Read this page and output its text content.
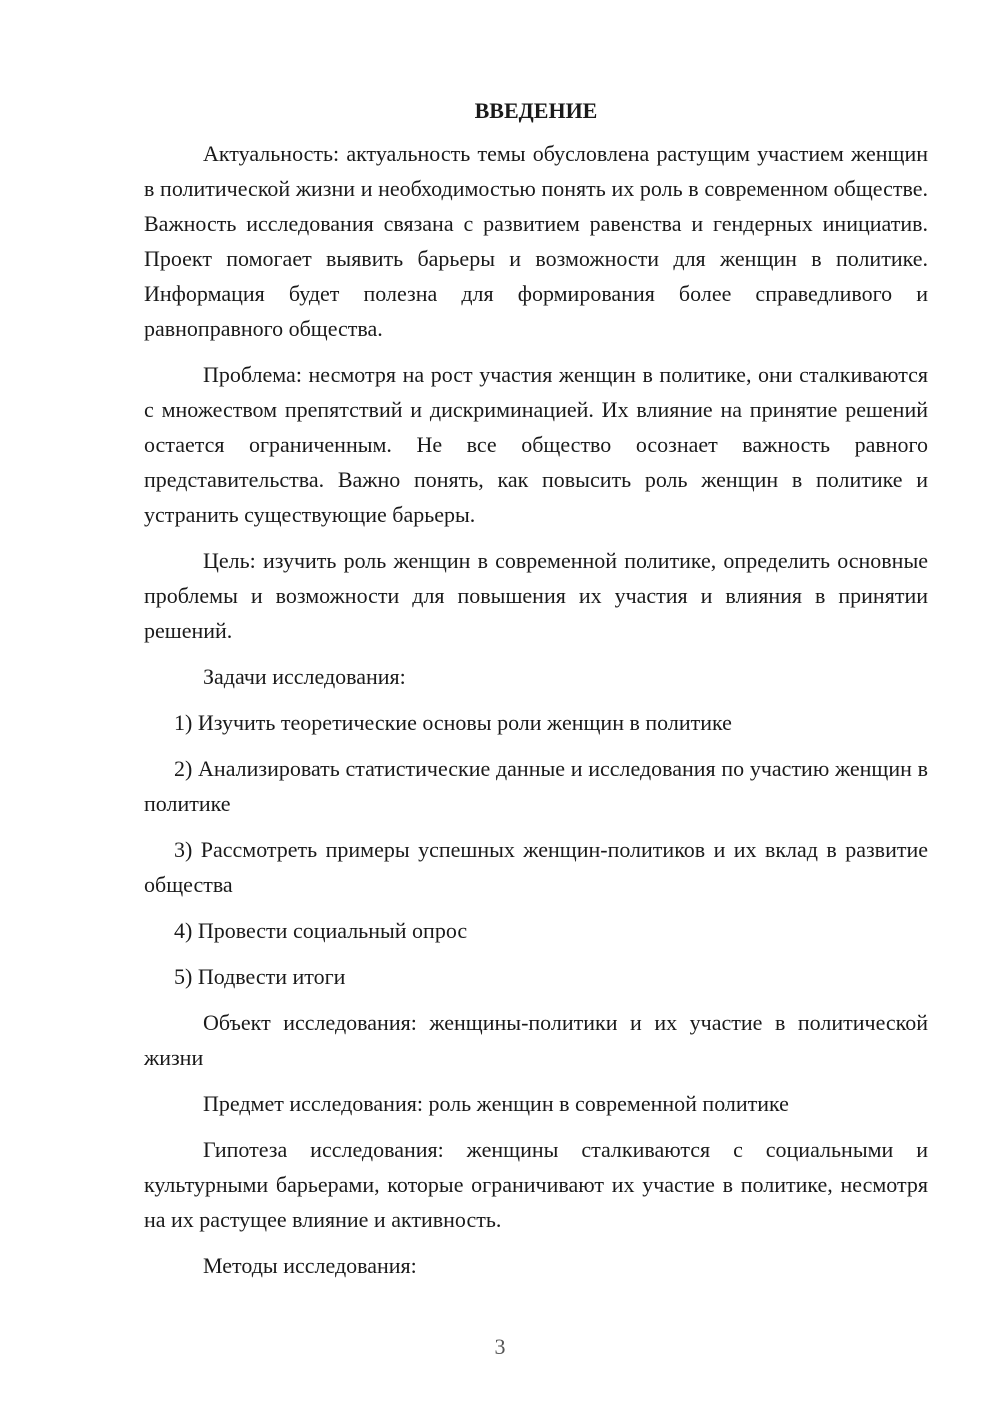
ВВЕДЕНИЕ

Актуальность: актуальность темы обусловлена растущим участием женщин в политической жизни и необходимостью понять их роль в современном обществе. Важность исследования связана с развитием равенства и гендерных инициатив. Проект помогает выявить барьеры и возможности для женщин в политике. Информация будет полезна для формирования более справедливого и равноправного общества.

Проблема: несмотря на рост участия женщин в политике, они сталкиваются с множеством препятствий и дискриминацией. Их влияние на принятие решений остается ограниченным. Не все общество осознает важность равного представительства. Важно понять, как повысить роль женщин в политике и устранить существующие барьеры.

Цель: изучить роль женщин в современной политике, определить основные проблемы и возможности для повышения их участия и влияния в принятии решений.

Задачи исследования:

1) Изучить теоретические основы роли женщин в политике

2) Анализировать статистические данные и исследования по участию женщин в политике

3) Рассмотреть примеры успешных женщин-политиков и их вклад в развитие общества

4) Провести социальный опрос

5) Подвести итоги

Объект исследования: женщины-политики и их участие в политической жизни

Предмет исследования: роль женщин в современной политике

Гипотеза исследования: женщины сталкиваются с социальными и культурными барьерами, которые ограничивают их участие в политике, несмотря на их растущее влияние и активность.

Методы исследования:

3
